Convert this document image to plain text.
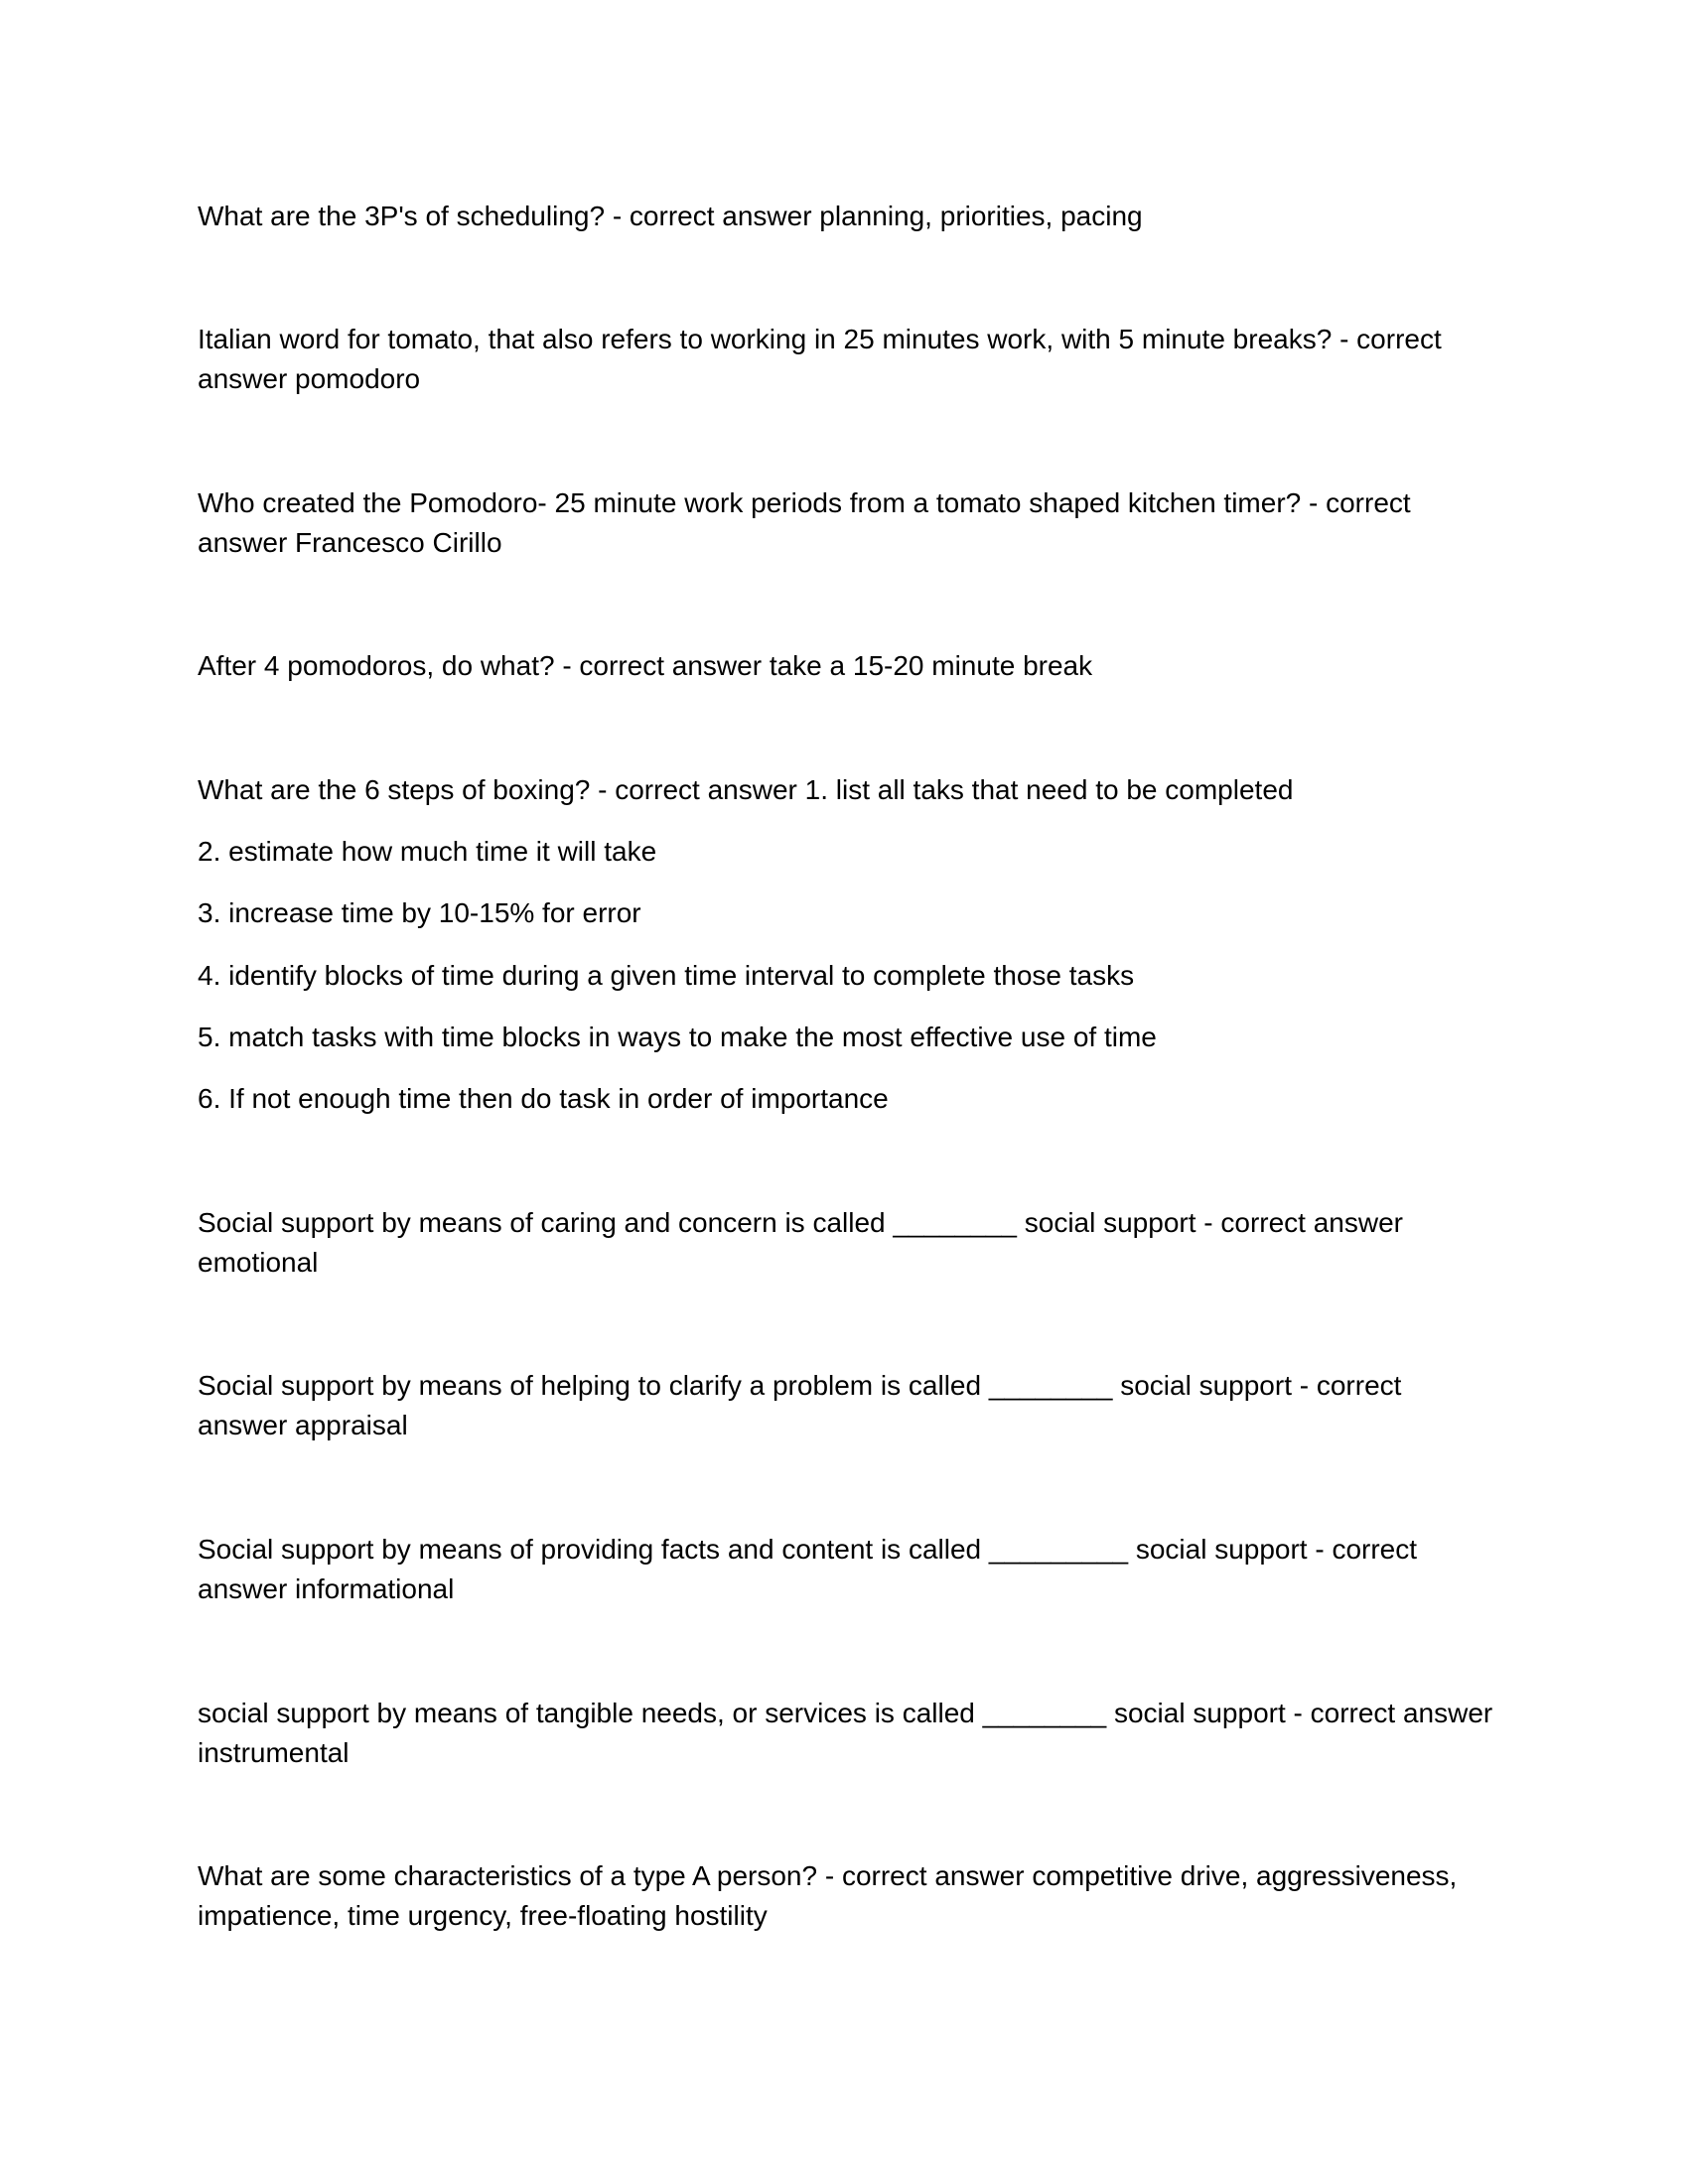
What are the 3P's of scheduling? - correct answer planning, priorities, pacing

Italian word for tomato, that also refers to working in 25 minutes work, with 5 minute breaks? - correct
answer pomodoro

Who created the Pomodoro- 25 minute work periods from a tomato shaped kitchen timer? - correct
answer Francesco Cirillo

After 4 pomodoros, do what? - correct answer take a 15-20 minute break

What are the 6 steps of boxing? - correct answer 1. list all taks that need to be completed

2. estimate how much time it will take

3. increase time by 10-15% for error

4. identify blocks of time during a given time interval to complete those tasks

5. match tasks with time blocks in ways to make the most effective use of time

6. If not enough time then do task in order of importance

Social support by means of caring and concern is called ________ social support - correct answer
emotional

Social support by means of helping to clarify a problem is called ________ social support - correct
answer appraisal

Social support by means of providing facts and content is called _________ social support - correct
answer informational

social support by means of tangible needs, or services is called ________ social support - correct answer
instrumental

What are some characteristics of a type A person? - correct answer competitive drive, aggressiveness,
impatience, time urgency, free-floating hostility
